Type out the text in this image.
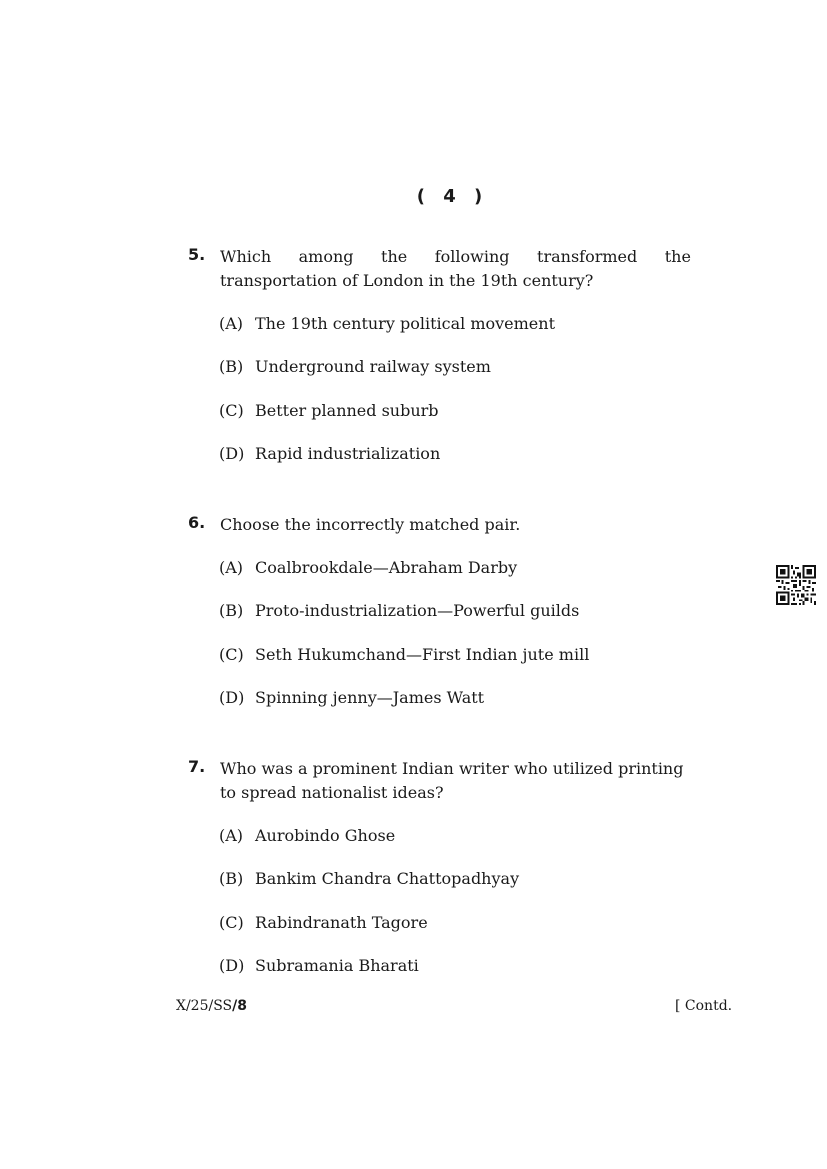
( 4 )
5. Which among the following transformed the
transportation of London in the 19th century?
(A) The 19th century political movement
(B) Underground railway system
(C) Better planned suburb
(D) Rapid industrialization
6. Choose the incorrectly matched pair.
(A) Coalbrookdale—Abraham Darby
(B) Proto-industrialization—Powerful guilds
(C) Seth Hukumchand—First Indian jute mill
(D) Spinning jenny—James Watt
7. Who was a prominent Indian writer who utilized printing
to spread nationalist ideas?
(A) Aurobindo Ghose
(B) Bankim Chandra Chattopadhyay
(C) Rabindranath Tagore
(D) Subramania Bharati
X/25/SS/8	[ Contd.
